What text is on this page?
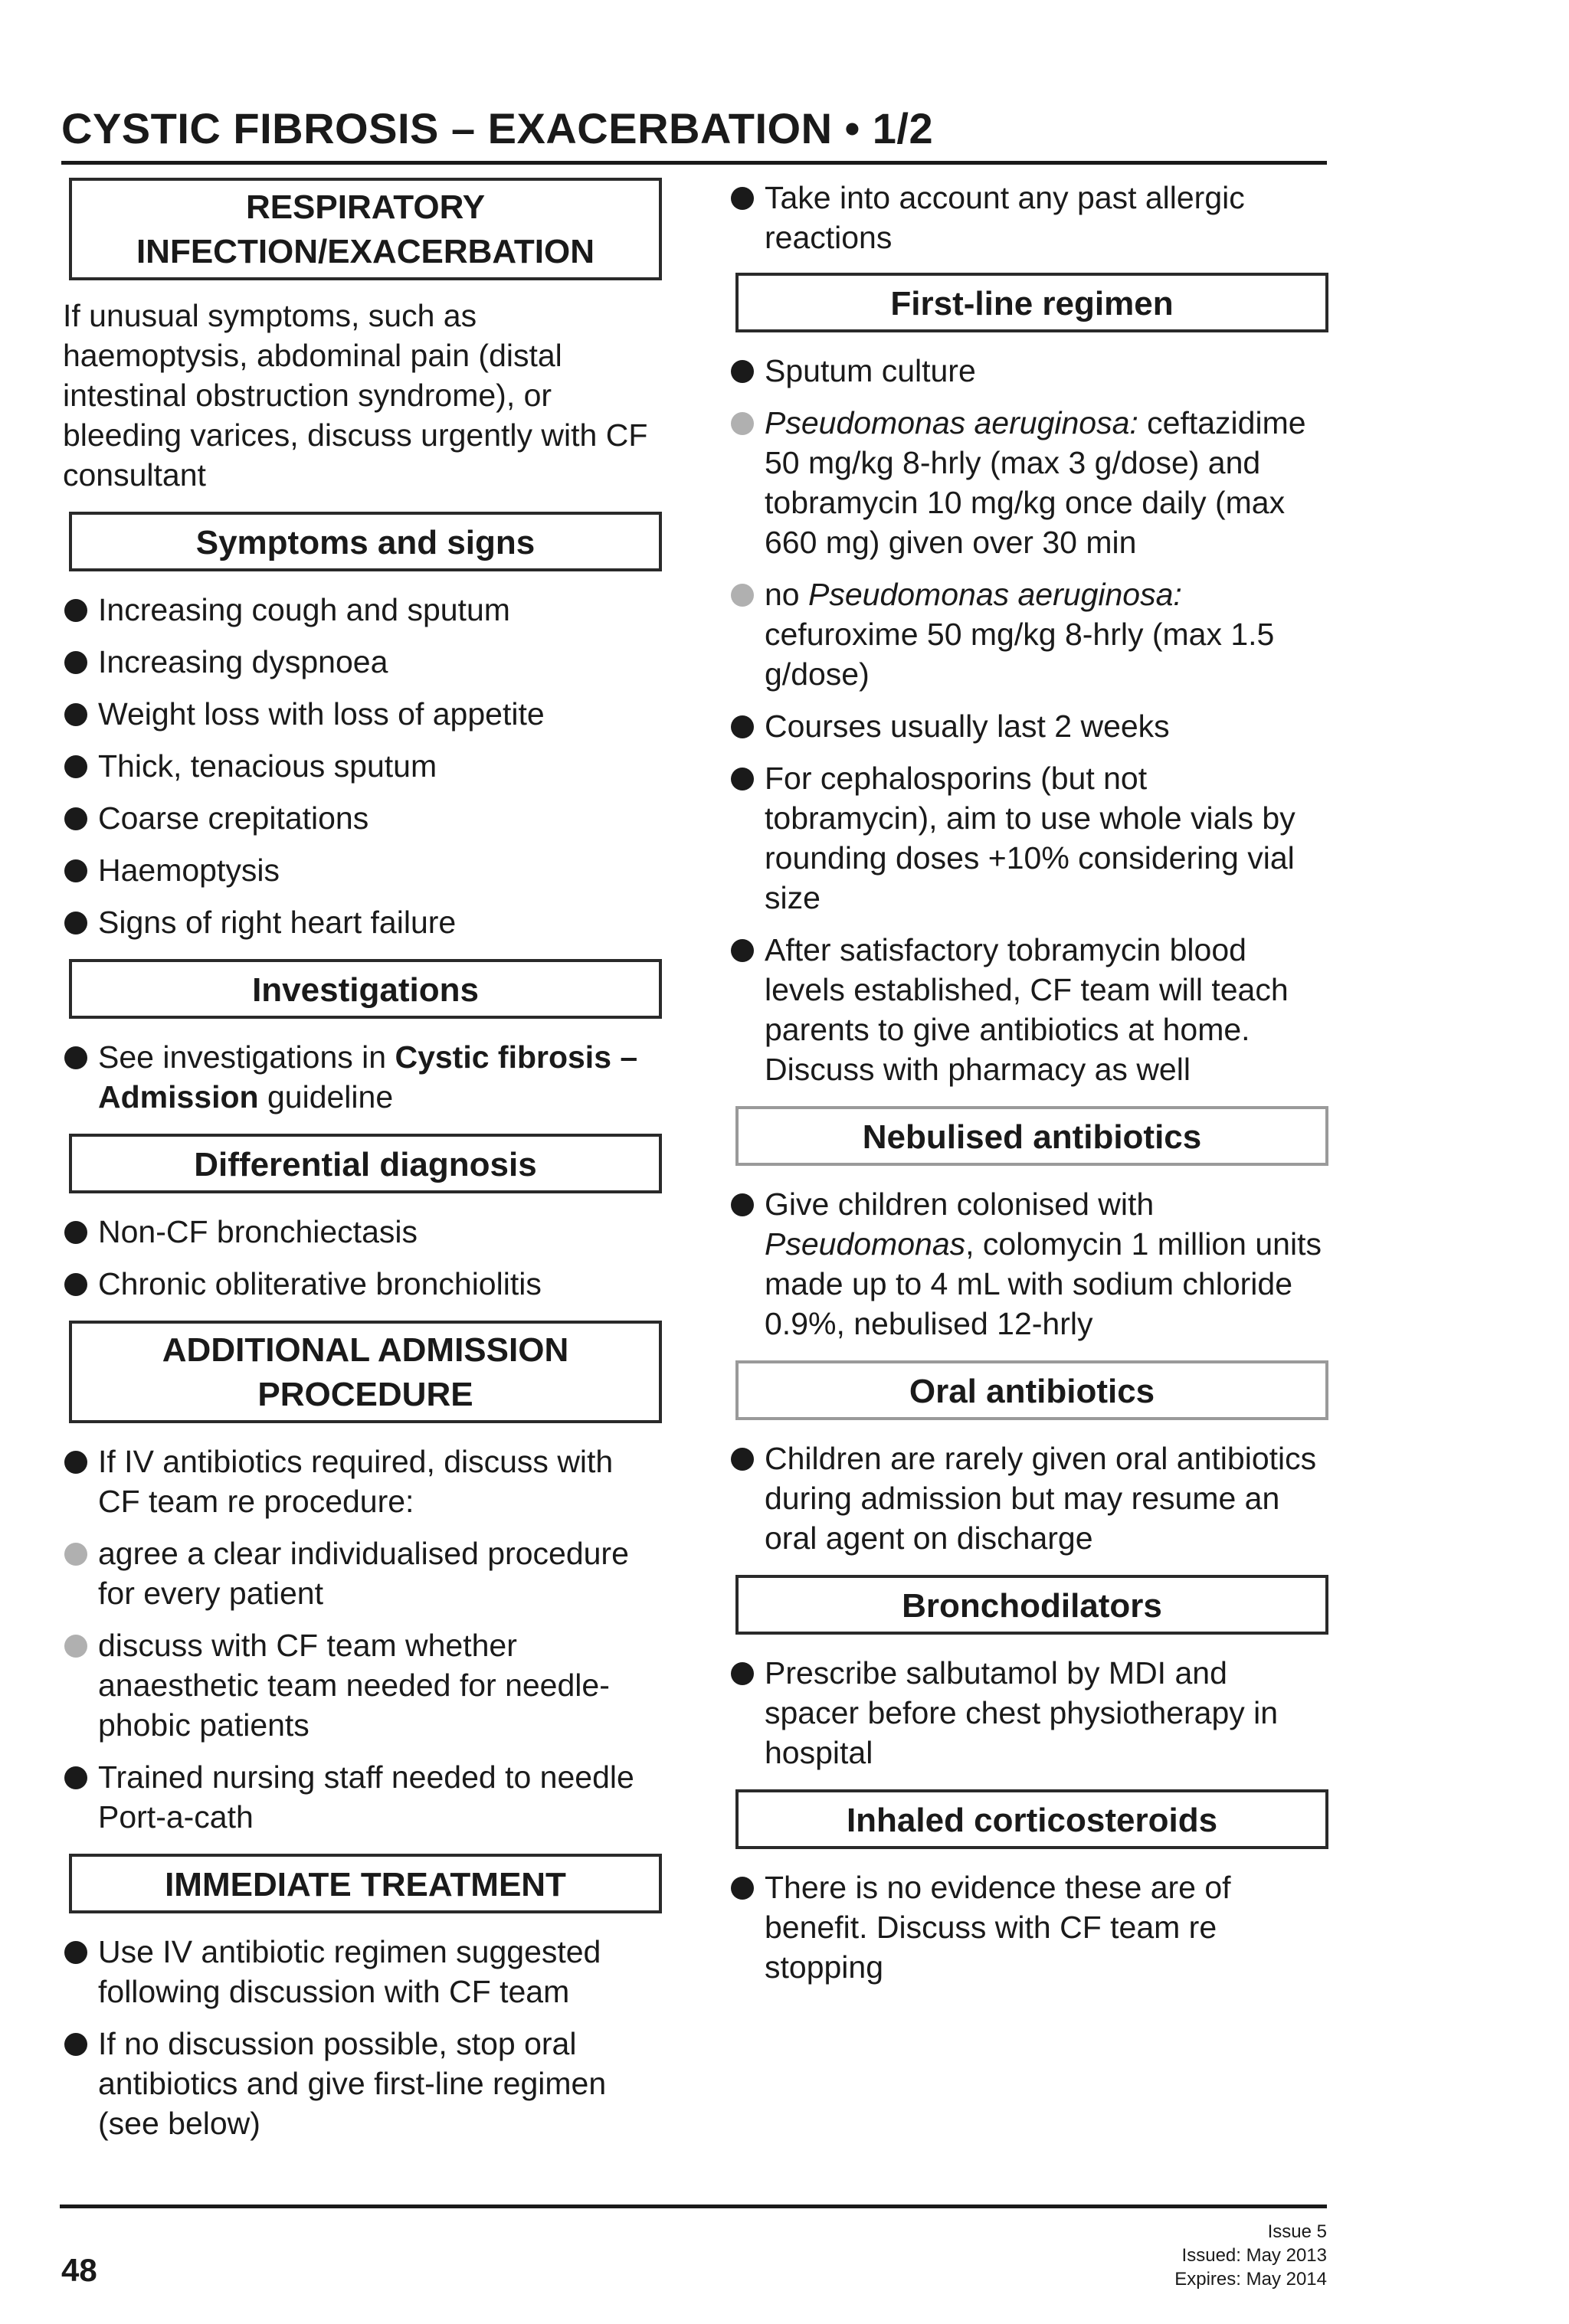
CYSTIC FIBROSIS – EXACERBATION • 1/2
RESPIRATORY
INFECTION/EXACERBATION

If unusual symptoms, such as haemoptysis, abdominal pain (distal intestinal obstruction syndrome), or bleeding varices, discuss urgently with CF consultant

Symptoms and signs
Increasing cough and sputum
Increasing dyspnoea
Weight loss with loss of appetite
Thick, tenacious sputum
Coarse crepitations
Haemoptysis
Signs of right heart failure
Investigations
See investigations in Cystic fibrosis – Admission guideline
Differential diagnosis
Non-CF bronchiectasis
Chronic obliterative bronchiolitis
ADDITIONAL ADMISSION
PROCEDURE
If IV antibiotics required, discuss with CF team re procedure:
agree a clear individualised procedure for every patient
discuss with CF team whether anaesthetic team needed for needle-phobic patients
Trained nursing staff needed to needle Port-a-cath
IMMEDIATE TREATMENT
Use IV antibiotic regimen suggested following discussion with CF team
If no discussion possible, stop oral antibiotics and give first-line regimen (see below)
Take into account any past allergic reactions
First-line regimen
Sputum culture
Pseudomonas aeruginosa: ceftazidime 50 mg/kg 8-hrly (max 3 g/dose) and tobramycin 10 mg/kg once daily (max 660 mg) given over 30 min
no Pseudomonas aeruginosa: cefuroxime 50 mg/kg 8-hrly (max 1.5 g/dose)
Courses usually last 2 weeks
For cephalosporins (but not tobramycin), aim to use whole vials by rounding doses +10% considering vial size
After satisfactory tobramycin blood levels established, CF team will teach parents to give antibiotics at home. Discuss with pharmacy as well
Nebulised antibiotics
Give children colonised with Pseudomonas, colomycin 1 million units made up to 4 mL with sodium chloride 0.9%, nebulised 12-hrly
Oral antibiotics
Children are rarely given oral antibiotics during admission but may resume an oral agent on discharge
Bronchodilators
Prescribe salbutamol by MDI and spacer before chest physiotherapy in hospital
Inhaled corticosteroids
There is no evidence these are of benefit. Discuss with CF team re stopping
48
Issue 5
Issued: May 2013
Expires: May 2014
